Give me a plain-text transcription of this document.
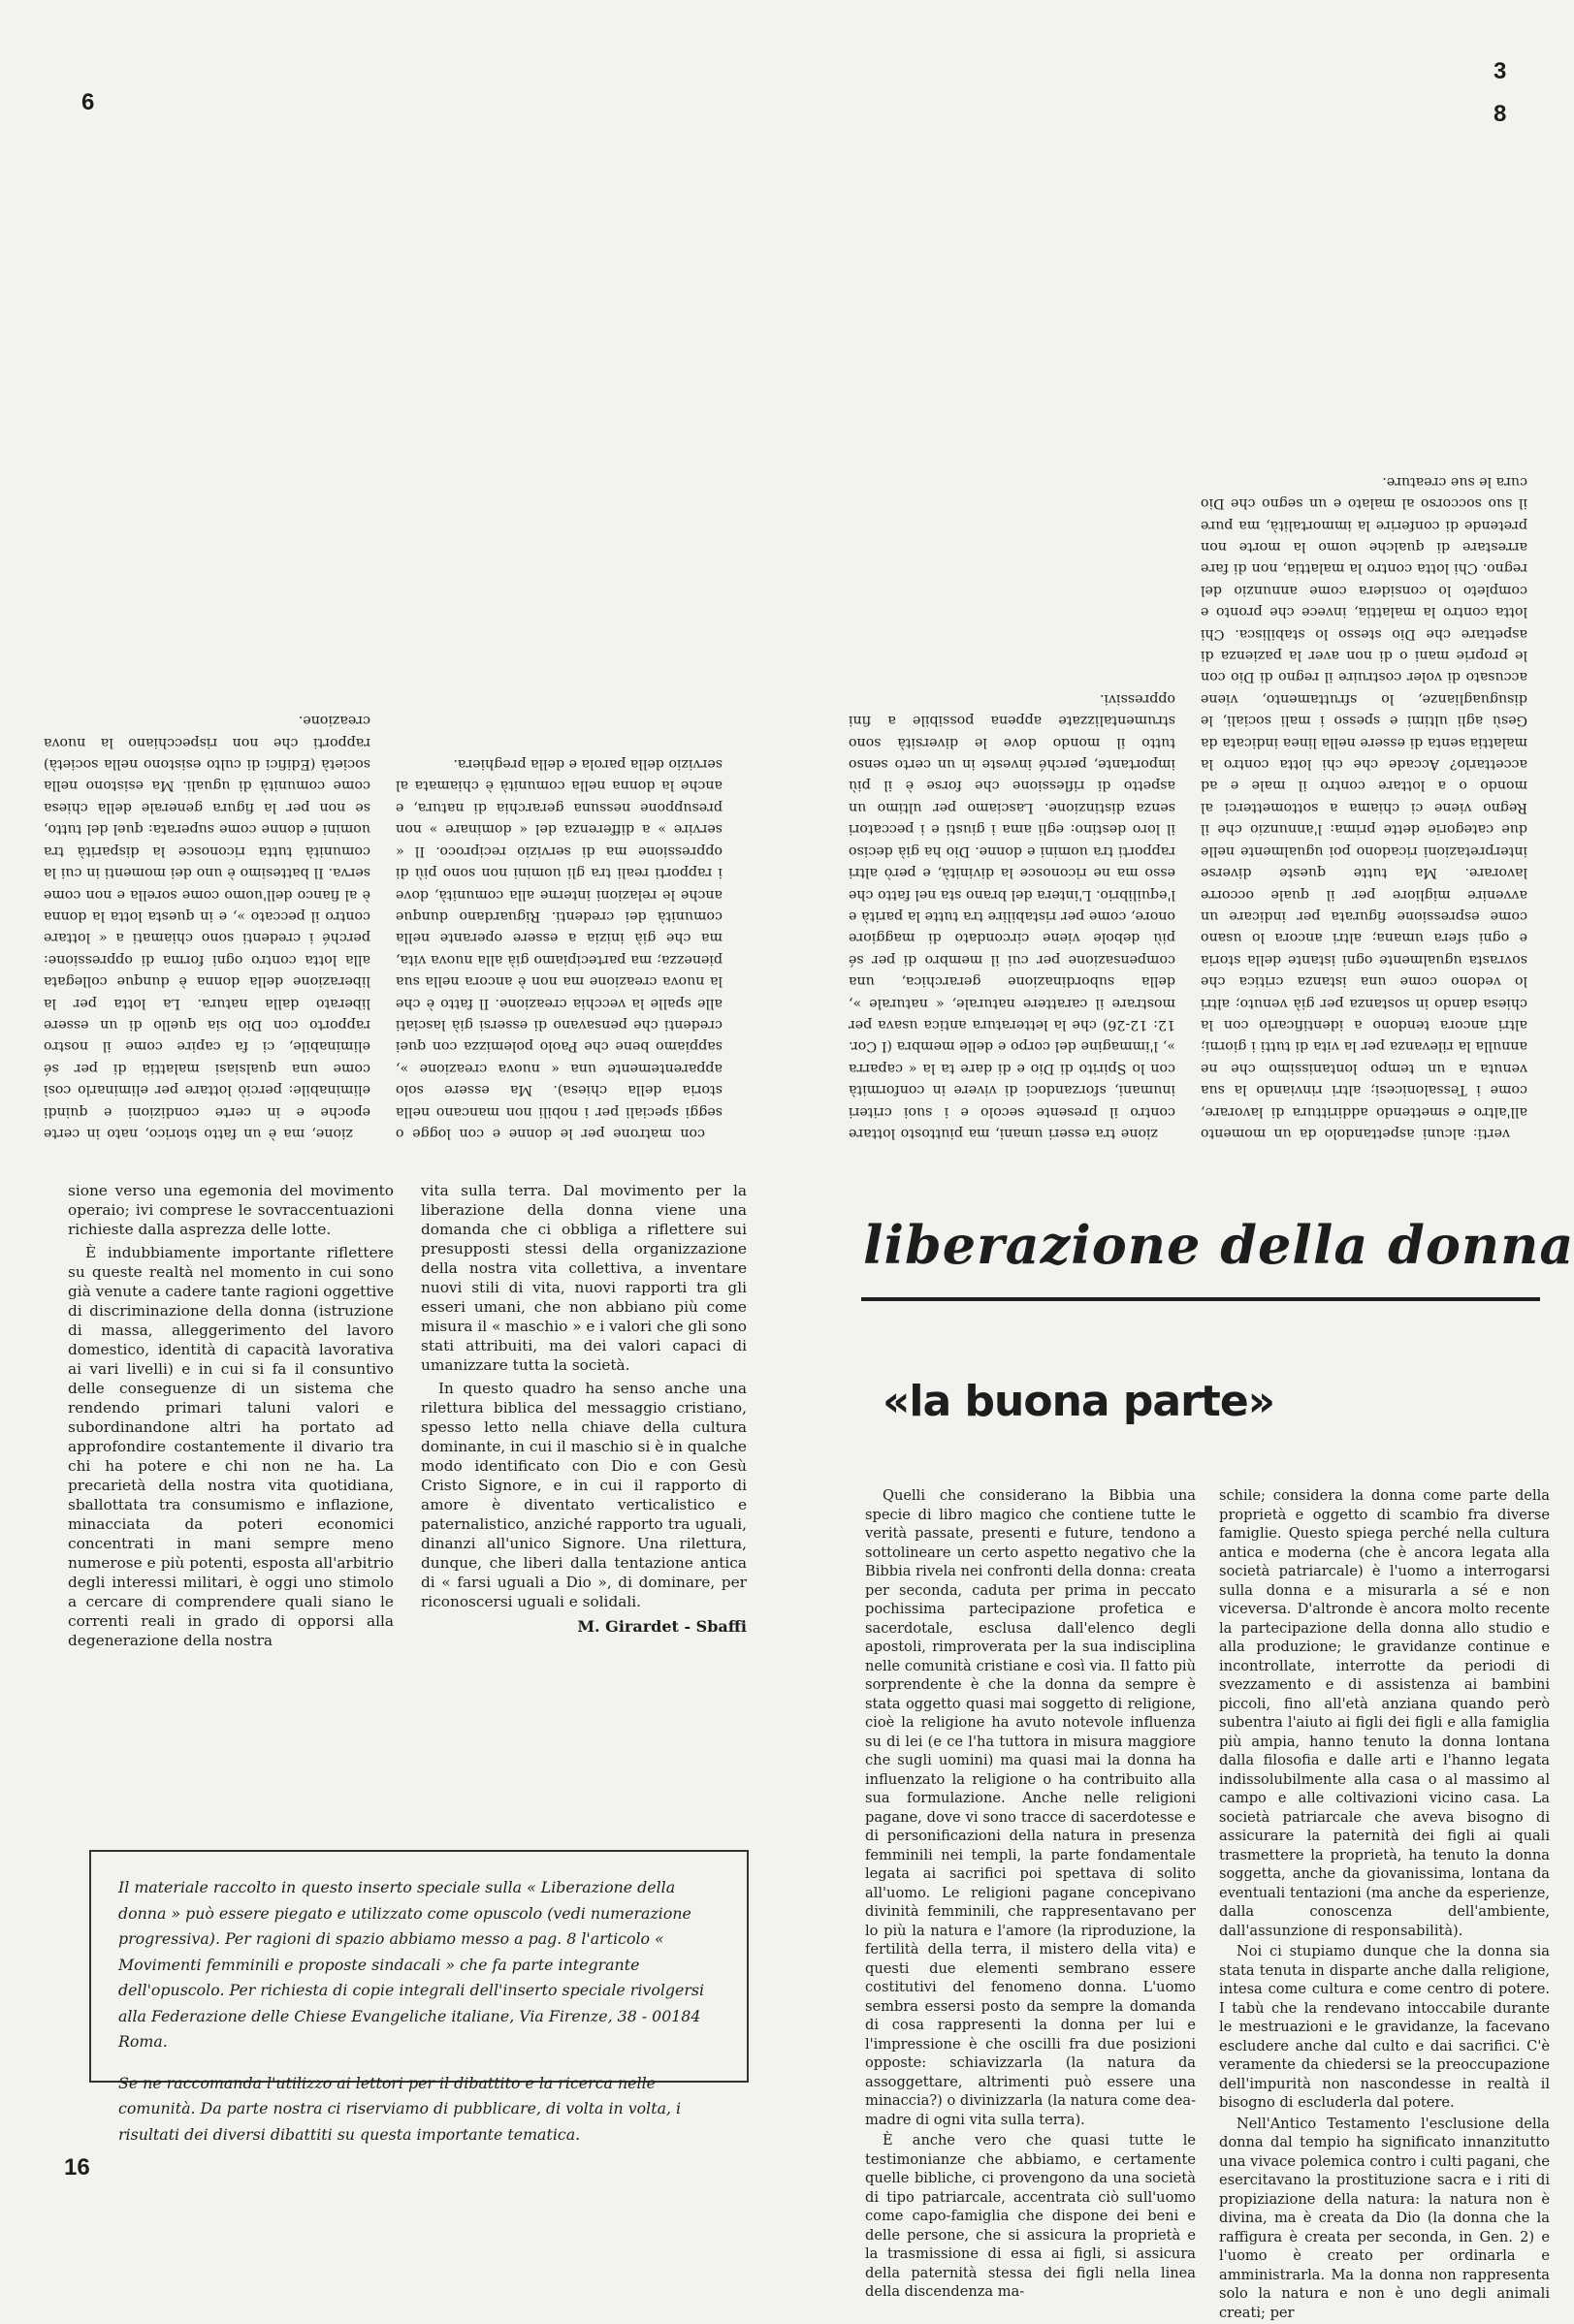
3
6	8
16

verti: alcuni aspettandolo da un momento all'altro e smettendo addirittura di lavorare, come i Tessalonicesi; altri rinviando la sua venuta a un tempo lontanissimo che ne annulla la rilevanza per la vita di tutti i giorni; altri ancora tendono a identificarlo con la chiesa dando in sostanza per già venuto; altri lo vedono come una istanza critica che sovrasta ugualmente ogni istante della storia e ogni sfera umana; altri ancora lo usano come espressione figurata per indicare un avvenire migliore per il quale occorre lavorare. Ma tutte queste diverse interpretazioni ricadono poi ugualmente nelle due categorie dette prima: l'annunzio che il Regno viene ci chiama a sottometterci al mondo o a lottare contro il male e ad accettarlo? Accade che chi lotta contro la malattia senta di essere nella linea indicata da Gesù agli ultimi e spesso i mali sociali, le disuguaglianze, lo sfruttamento, viene accusato di voler costruire il regno di Dio con le proprie mani o di non aver la pazienza di aspettare che Dio stesso lo stabilisca. Chi lotta contro la malattia, invece che pronto e completo lo considera come annunzio del regno. Chi lotta contro la malattia, non di fare arrestare di qualche uomo la morte non pretende di conferire la immortalità, ma pure il suo soccorso al malato e un segno che Dio cura le sue creature.

zione tra esseri umani, ma piuttosto lottare contro il presente secolo e i suoi criteri inumani, sforzandoci di vivere in conformità con lo Spirito di Dio e di dare ta la « caparra », l'immagine del corpo e delle membra (I Cor. 12: 12-26) che la letteratura antica usava per mostrare il carattere naturale, « naturale », della subordinazione gerarchica, una compensazione per cui il membro di per sé più debole viene circondato di maggiore onore, come per ristabilire tra tutte la parità e l'equilibrio. L'intera del brano sta nel fatto che esso ma ne riconosce la divinità, e però altri rapporti tra uomini e donne. Dio ha già deciso il loro destino: egli ama i giusti e i peccatori senza distinzione. Lasciamo per ultimo un aspetto di riflessione che forse è il più importante, perché investe in un certo senso tutto il mondo dove le diversità sono strumentalizzate appena possibile a fini oppressivi.

con matrone per le donne e con logge o seggi speciali per i nobili non mancano nella storia della chiesa). Ma essere solo apparentemente una « nuova creazione », sappiamo bene che Paolo polemizza con quei credenti che pensavano di essersi già lasciati alle spalle la vecchia creazione. Il fatto è che la nuova creazione ma non è ancora nella sua pienezza; ma partecipiamo già alla nuova vita, ma che già inizia a essere operante nella comunità dei credenti. Riguardano dunque anche le relazioni interne alla comunità, dove i rapporti reali tra gli uomini non sono più di oppressione ma di servizio reciproco. Il « servire » a differenza del « dominare » non presuppone nessuna gerarchia di natura, e anche la donna nella comunità è chiamata al servizio della parola e della preghiera.

zione, ma è un fatto storico, nato in certe epoche e in certe condizioni e quindi eliminabile: perciò lottare per eliminarlo così come una qualsiasi malattia di per sé eliminabile, ci fa capire come il nostro rapporto con Dio sia quello di un essere liberato dalla natura. La lotta per la liberazione della donna è dunque collegata alla lotta contro ogni forma di oppressione: perché i credenti sono chiamati a « lottare contro il peccato », e in questa lotta la donna è al fianco dell'uomo come sorella e non come serva. Il battesimo è uno dei momenti in cui la comunità tutta riconosce la disparità tra uomini e donne come superata: quel del tutto, se non per la figura generale della chiesa come comunità di uguali. Ma esistono nella società (Edifici di culto esistono nella società) rapporti che non rispecchiano la nuova creazione.

sione verso una egemonia del movimento operaio; ivi comprese le sovraccentuazioni richieste dalla asprezza delle lotte.

È indubbiamente importante riflettere su queste realtà nel momento in cui sono già venute a cadere tante ragioni oggettive di discriminazione della donna (istruzione di massa, alleggerimento del lavoro domestico, identità di capacità lavorativa ai vari livelli) e in cui si fa il consuntivo delle conseguenze di un sistema che rendendo primari taluni valori e subordinandone altri ha portato ad approfondire costantemente il divario tra chi ha potere e chi non ne ha. La precarietà della nostra vita quotidiana, sballottata tra consumismo e inflazione, minacciata da poteri economici concentrati in mani sempre meno numerose e più potenti, esposta all'arbitrio degli interessi militari, è oggi uno stimolo a cercare di comprendere quali siano le correnti reali in grado di opporsi alla degenerazione della nostra

vita sulla terra. Dal movimento per la liberazione della donna viene una domanda che ci obbliga a riflettere sui presupposti stessi della organizzazione della nostra vita collettiva, a inventare nuovi stili di vita, nuovi rapporti tra gli esseri umani, che non abbiano più come misura il « maschio » e i valori che gli sono stati attribuiti, ma dei valori capaci di umanizzare tutta la società.

In questo quadro ha senso anche una rilettura biblica del messaggio cristiano, spesso letto nella chiave della cultura dominante, in cui il maschio si è in qualche modo identificato con Dio e con Gesù Cristo Signore, e in cui il rapporto di amore è diventato verticalistico e paternalistico, anziché rapporto tra uguali, dinanzi all'unico Signore. Una rilettura, dunque, che liberi dalla tentazione antica di « farsi uguali a Dio », di dominare, per riconoscersi uguali e solidali.

M. Girardet - Sbaffi

Il materiale raccolto in questo inserto speciale sulla « Liberazione della donna » può essere piegato e utilizzato come opuscolo (vedi numerazione progressiva). Per ragioni di spazio abbiamo messo a pag. 8 l'articolo « Movimenti femminili e proposte sindacali » che fa parte integrante dell'opuscolo. Per richiesta di copie integrali dell'inserto speciale rivolgersi alla Federazione delle Chiese Evangeliche italiane, Via Firenze, 38 - 00184 Roma.

Se ne raccomanda l'utilizzo ai lettori per il dibattito e la ricerca nelle comunità. Da parte nostra ci riserviamo di pubblicare, di volta in volta, i risultati dei diversi dibattiti su questa importante tematica.

liberazione della donna
«la buona parte»

Quelli che considerano la Bibbia una specie di libro magico che contiene tutte le verità passate, presenti e future, tendono a sottolineare un certo aspetto negativo che la Bibbia rivela nei confronti della donna: creata per seconda, caduta per prima in peccato pochissima partecipazione profetica e sacerdotale, esclusa dall'elenco degli apostoli, rimproverata per la sua indisciplina nelle comunità cristiane e così via. Il fatto più sorprendente è che la donna da sempre è stata oggetto quasi mai soggetto di religione, cioè la religione ha avuto notevole influenza su di lei (e ce l'ha tuttora in misura maggiore che sugli uomini) ma quasi mai la donna ha influenzato la religione o ha contribuito alla sua formulazione. Anche nelle religioni pagane, dove vi sono tracce di sacerdotesse e di personificazioni della natura in presenza femminili nei templi, la parte fondamentale legata ai sacrifici poi spettava di solito all'uomo. Le religioni pagane concepivano divinità femminili, che rappresentavano per lo più la natura e l'amore (la riproduzione, la fertilità della terra, il mistero della vita) e questi due elementi sembrano essere costitutivi del fenomeno donna. L'uomo sembra essersi posto da sempre la domanda di cosa rappresenti la donna per lui e l'impressione è che oscilli fra due posizioni opposte: schiavizzarla (la natura da assoggettare, altrimenti può essere una minaccia?) o divinizzarla (la natura come dea-madre di ogni vita sulla terra).

È anche vero che quasi tutte le testimonianze che abbiamo, e certamente quelle bibliche, ci provengono da una società di tipo patriarcale, accentrata ciò sull'uomo come capo-famiglia che dispone dei beni e delle persone, che si assicura la proprietà e la trasmissione di essa ai figli, si assicura della paternità stessa dei figli nella linea della discendenza ma-

schile; considera la donna come parte della proprietà e oggetto di scambio fra diverse famiglie. Questo spiega perché nella cultura antica e moderna (che è ancora legata alla società patriarcale) è l'uomo a interrogarsi sulla donna e a misurarla a sé e non viceversa. D'altronde è ancora molto recente la partecipazione della donna allo studio e alla produzione; le gravidanze continue e incontrollate, interrotte da periodi di svezzamento e di assistenza ai bambini piccoli, fino all'età anziana quando però subentra l'aiuto ai figli dei figli e alla famiglia più ampia, hanno tenuto la donna lontana dalla filosofia e dalle arti e l'hanno legata indissolubilmente alla casa o al massimo al campo e alle coltivazioni vicino casa. La società patriarcale che aveva bisogno di assicurare la paternità dei figli ai quali trasmettere la proprietà, ha tenuto la donna soggetta, anche da giovanissima, lontana da eventuali tentazioni (ma anche da esperienze, dalla conoscenza dell'ambiente, dall'assunzione di responsabilità).

Noi ci stupiamo dunque che la donna sia stata tenuta in disparte anche dalla religione, intesa come cultura e come centro di potere. I tabù che la rendevano intoccabile durante le mestruazioni e le gravidanze, la facevano escludere anche dal culto e dai sacrifici. C'è veramente da chiedersi se la preoccupazione dell'impurità non nascondesse in realtà il bisogno di escluderla dal potere.

Nell'Antico Testamento l'esclusione della donna dal tempio ha significato innanzitutto una vivace polemica contro i culti pagani, che esercitavano la prostituzione sacra e i riti di propiziazione della natura: la natura non è divina, ma è creata da Dio (la donna che la raffigura è creata per seconda, in Gen. 2) e l'uomo è creato per ordinarla e amministrarla. Ma la donna non rappresenta solo la natura e non è uno degli animali creati; per
